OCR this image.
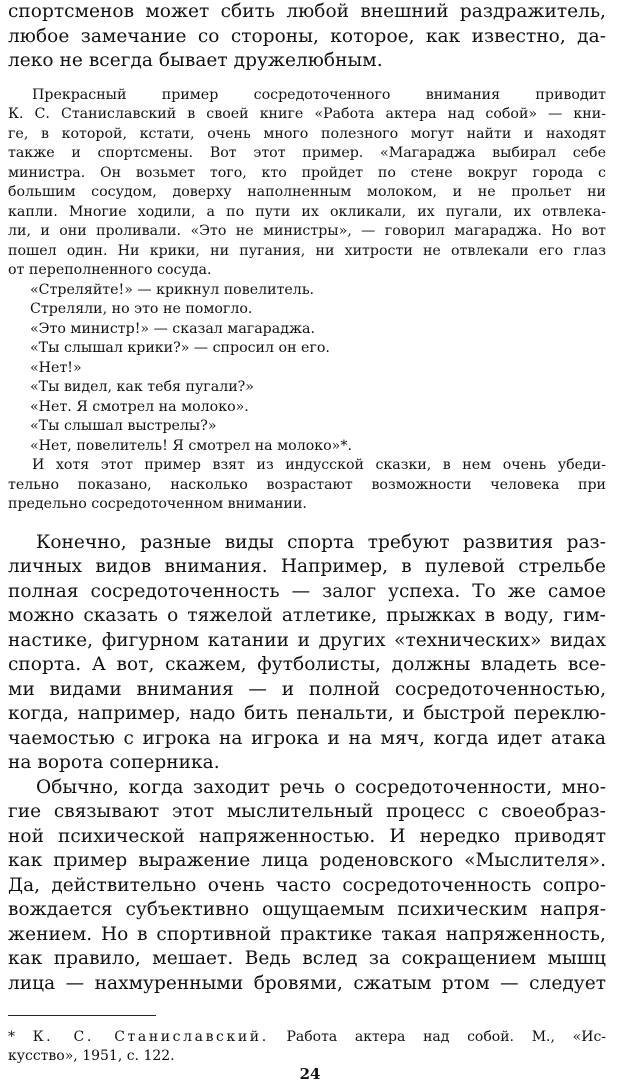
спортсменов может сбить любой внешний раздражитель,
любое замечание со стороны, которое, как известно, да-
леко не всегда бывает дружелюбным.
Прекрасный пример сосредоточенного внимания приводит
К. С. Станиславский в своей книге «Работа актера над собой» — кни-
ге, в которой, кстати, очень много полезного могут найти и находят
также и спортсмены. Вот этот пример. «Магараджа выбирал себе
министра. Он возьмет того, кто пройдет по стене вокруг города с
большим сосудом, доверху наполненным молоком, и не прольет ни
капли. Многие ходили, а по пути их окликали, их пугали, их отвлека-
ли, и они проливали. «Это не министры», — говорил магараджа. Но вот
пошел один. Ни крики, ни пугания, ни хитрости не отвлекали его глаз
от переполненного сосуда.
«Стреляйте!» — крикнул повелитель.
Стреляли, но это не помогло.
«Это министр!» — сказал магараджа.
«Ты слышал крики?» — спросил он его.
«Нет!»
«Ты видел, как тебя пугали?»
«Нет. Я смотрел на молоко».
«Ты слышал выстрелы?»
«Нет, повелитель! Я смотрел на молоко»*.
И хотя этот пример взят из индусской сказки, в нем очень убеди-
тельно показано, насколько возрастают возможности человека при
предельно сосредоточенном внимании.
Конечно, разные виды спорта требуют развития раз-
личных видов внимания. Например, в пулевой стрельбе
полная сосредоточенность — залог успеха. То же самое
можно сказать о тяжелой атлетике, прыжках в воду, гим-
настике, фигурном катании и других «технических» видах
спорта. А вот, скажем, футболисты, должны владеть все-
ми видами внимания — и полной сосредоточенностью,
когда, например, надо бить пенальти, и быстрой переклю-
чаемостью с игрока на игрока и на мяч, когда идет атака
на ворота соперника.
Обычно, когда заходит речь о сосредоточенности, мно-
гие связывают этот мыслительный процесс с своеобраз-
ной психической напряженностью. И нередко приводят
как пример выражение лица роденовского «Мыслителя».
Да, действительно очень часто сосредоточенность сопро-
вождается субъективно ощущаемым психическим напря-
жением. Но в спортивной практике такая напряженность,
как правило, мешает. Ведь вслед за сокращением мышц
лица — нахмуренными бровями, сжатым ртом — следует
* К. С. Станиславский. Работа актера над собой. М., «Ис-
кусство», 1951, с. 122.
24
